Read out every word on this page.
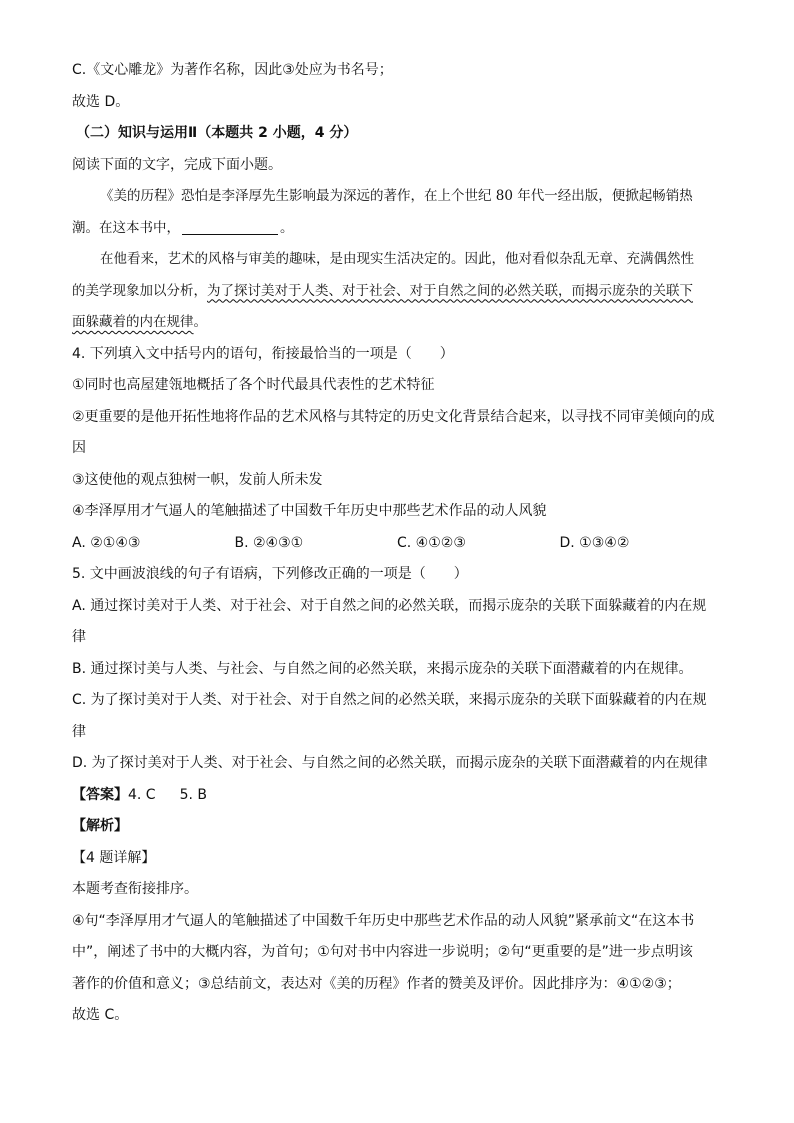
C.《文心雕龙》为著作名称，因此③处应为书名号；

故选 D。

（二）知识与运用Ⅱ（本题共 2 小题，4 分）

阅读下面的文字，完成下面小题。

《美的历程》恐怕是李泽厚先生影响最为深远的著作，在上个世纪 80 年代一经出版，便掀起畅销热

潮。在这本书中，	。

在他看来，艺术的风格与审美的趣味，是由现实生活决定的。因此，他对看似杂乱无章、充满偶然性

的美学现象加以分析，为了探讨美对于人类、对于社会、对于自然之间的必然关联，而揭示庞杂的关联下

面躲藏着的内在规律。

4. 下列填入文中括号内的语句，衔接最恰当的一项是（　　）

①同时也高屋建瓴地概括了各个时代最具代表性的艺术特征

②更重要的是他开拓性地将作品的艺术风格与其特定的历史文化背景结合起来，以寻找不同审美倾向的成

因

③这使他的观点独树一帜，发前人所未发

④李泽厚用才气逼人的笔触描述了中国数千年历史中那些艺术作品的动人风貌

A. ②①④③	B. ②④③①	C. ④①②③	D. ①③④②

5. 文中画波浪线的句子有语病，下列修改正确的一项是（　　）

A. 通过探讨美对于人类、对于社会、对于自然之间的必然关联，而揭示庞杂的关联下面躲藏着的内在规

律

B. 通过探讨美与人类、与社会、与自然之间的必然关联，来揭示庞杂的关联下面潜藏着的内在规律。

C. 为了探讨美对于人类、对于社会、对于自然之间的必然关联，来揭示庞杂的关联下面躲藏着的内在规

律

D. 为了探讨美对于人类、对于社会、与自然之间的必然关联，而揭示庞杂的关联下面潜藏着的内在规律

【答案】4. C 5. B

【解析】

【4 题详解】

本题考查衔接排序。

④句“李泽厚用才气逼人的笔触描述了中国数千年历史中那些艺术作品的动人风貌”紧承前文“在这本书

中”，阐述了书中的大概内容，为首句；①句对书中内容进一步说明；②句“更重要的是”进一步点明该

著作的价值和意义；③总结前文，表达对《美的历程》作者的赞美及评价。因此排序为：④①②③；

故选 C。
